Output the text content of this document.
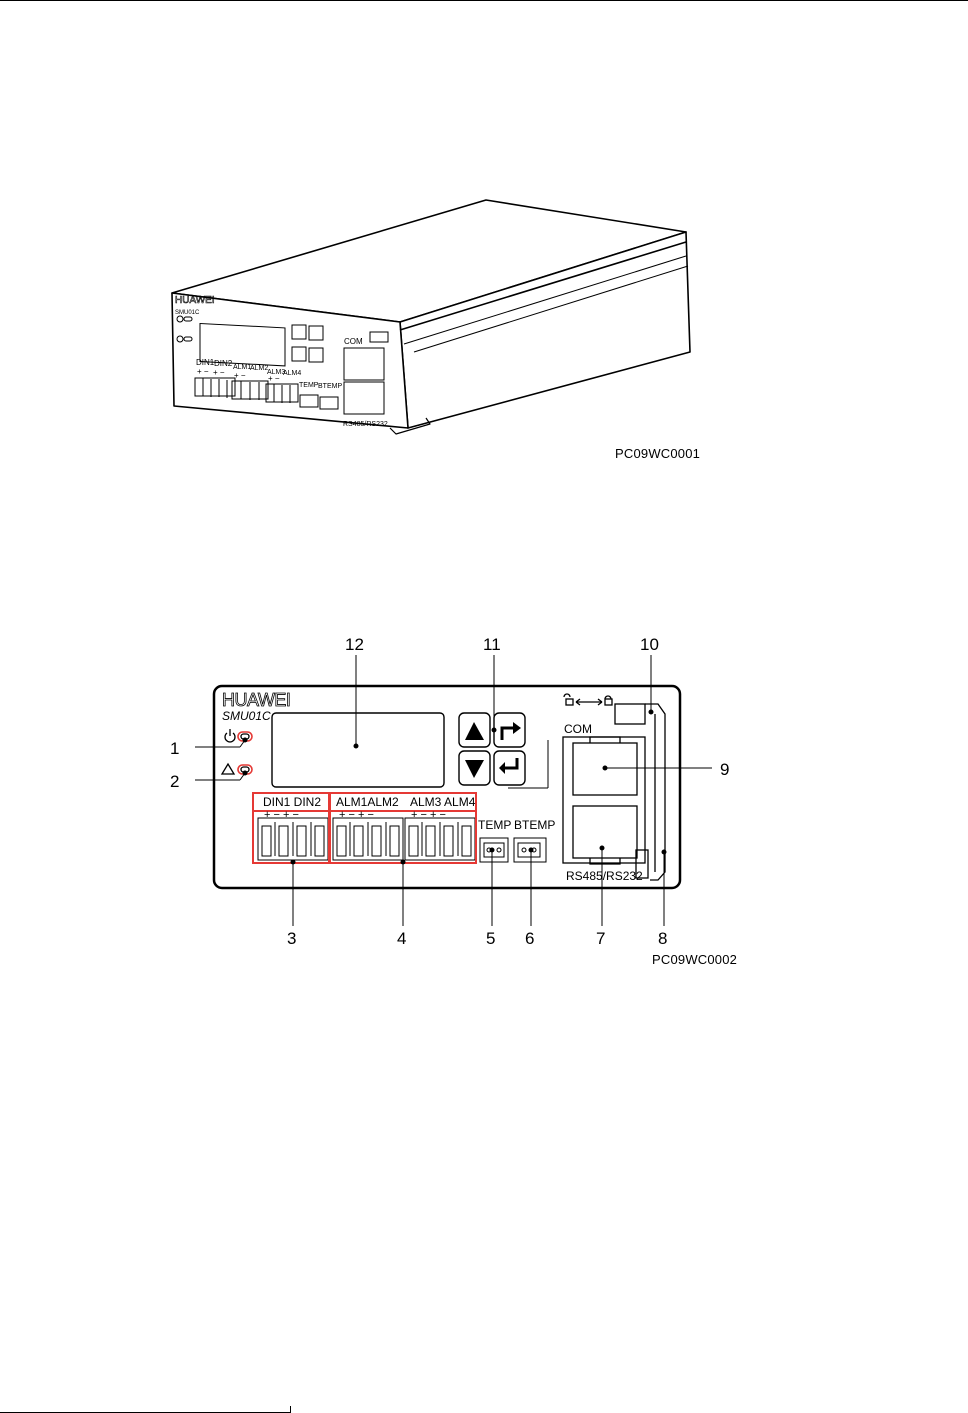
HUAWEI
SMU01C
DIN1 DIN2 ALM1
ALM2
ALM3
ALM4
TEMP BTEMP
COM
RS485/RS232
+ − + − + −	+ −
PC09WC0001
HUAWEI
SMU01C
DIN1 DIN2 ALM1ALM2 ALM3 ALM4
+ − + −	+ − + −	+ − + −
TEMP BTEMP
COM
RS485/RS232
1
2
3	4	5 6	7	8
9
10
11
12
PC09WC0002
